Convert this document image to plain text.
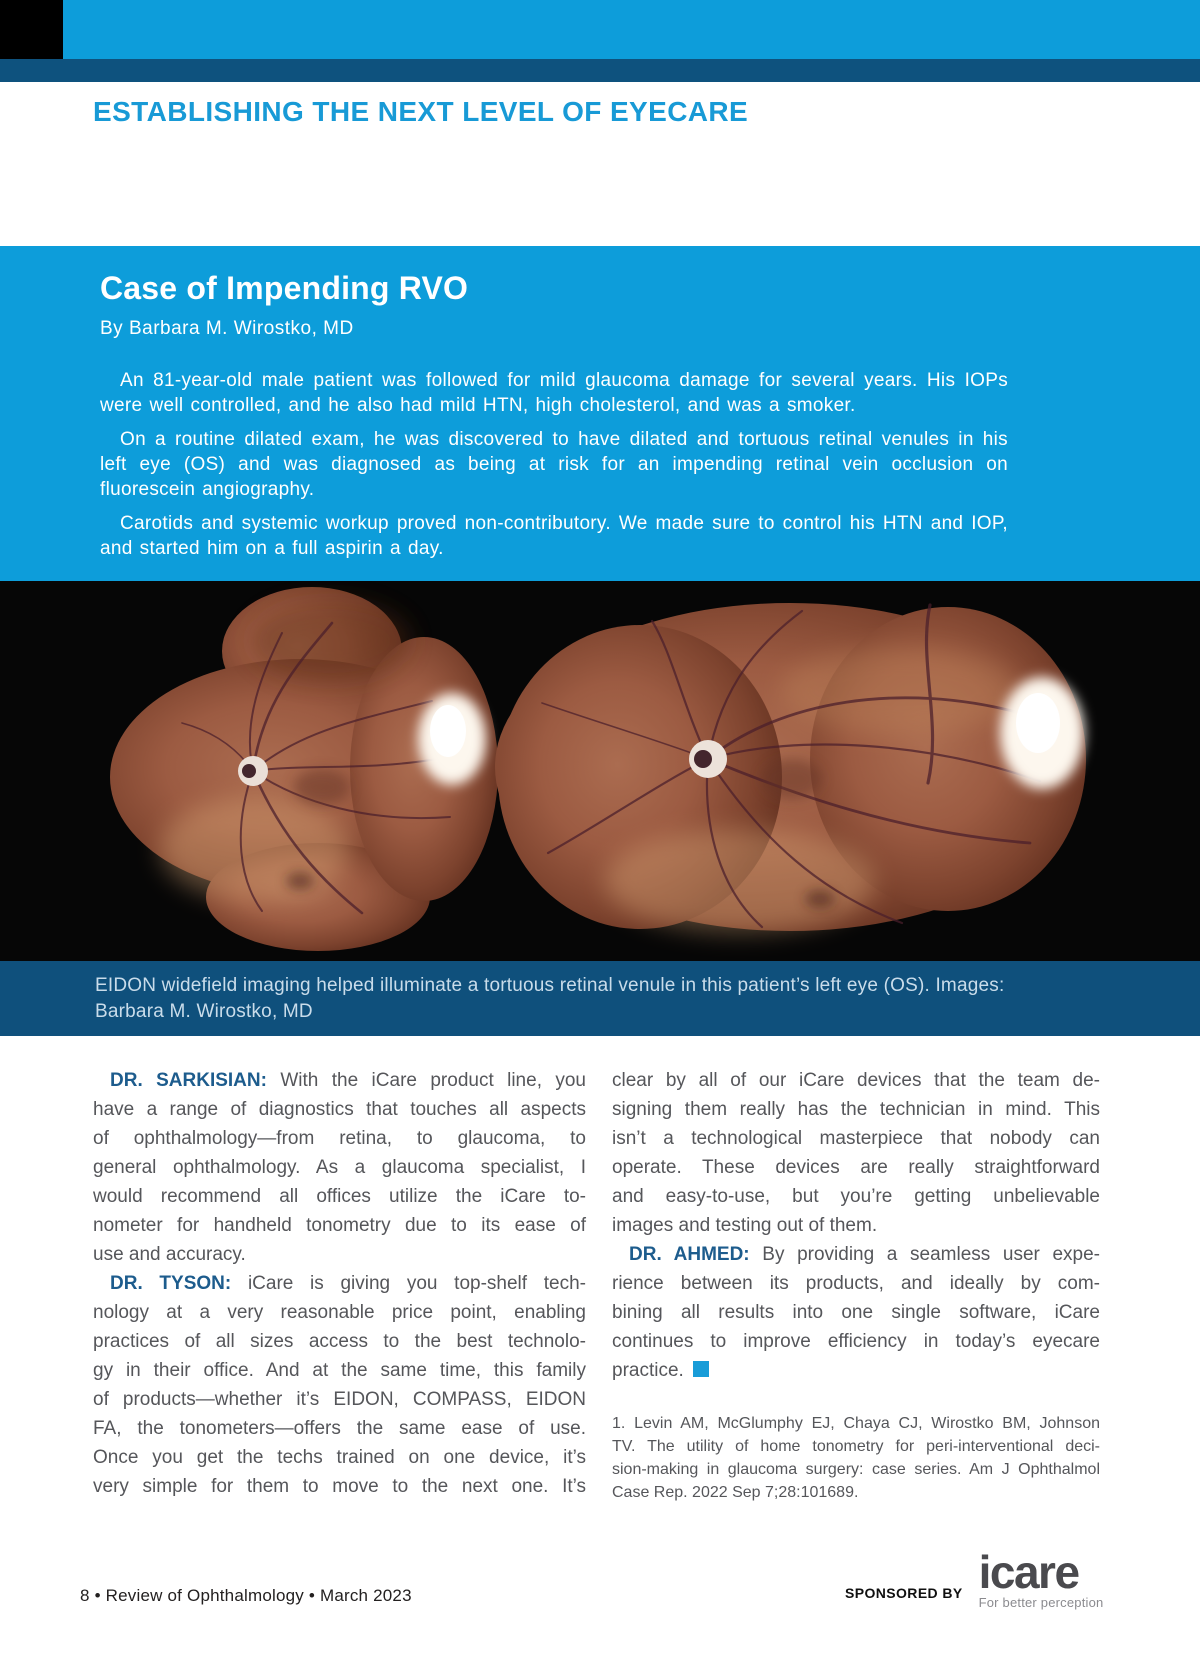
ESTABLISHING THE NEXT LEVEL OF EYECARE
Case of Impending RVO
By Barbara M. Wirostko, MD
An 81-year-old male patient was followed for mild glaucoma damage for several years. His IOPs were well controlled, and he also had mild HTN, high cholesterol, and was a smoker.
On a routine dilated exam, he was discovered to have dilated and tortuous retinal venules in his left eye (OS) and was diagnosed as being at risk for an impending retinal vein occlusion on fluorescein angiography.
Carotids and systemic workup proved non-contributory. We made sure to control his HTN and IOP, and started him on a full aspirin a day.
EIDON widefield imaging helped illuminate a tortuous retinal venule in this patient’s left eye (OS). Images:
Barbara M. Wirostko, MD
DR. SARKISIAN: With the iCare product line, you
have a range of diagnostics that touches all aspects
of ophthalmology—from retina, to glaucoma, to
general ophthalmology. As a glaucoma specialist, I
would recommend all offices utilize the iCare to-
nometer for handheld tonometry due to its ease of
use and accuracy.
DR. TYSON: iCare is giving you top-shelf tech-
nology at a very reasonable price point, enabling
practices of all sizes access to the best technolo-
gy in their office. And at the same time, this family
of products—whether it’s EIDON, COMPASS, EIDON
FA, the tonometers—offers the same ease of use.
Once you get the techs trained on one device, it’s
very simple for them to move to the next one. It’s
clear by all of our iCare devices that the team de-
signing them really has the technician in mind. This
isn’t a technological masterpiece that nobody can
operate. These devices are really straightforward
and easy-to-use, but you’re getting unbelievable
images and testing out of them.
DR. AHMED: By providing a seamless user expe-
rience between its products, and ideally by com-
bining all results into one single software, iCare
continues to improve efficiency in today’s eyecare
practice.
1. Levin AM, McGlumphy EJ, Chaya CJ, Wirostko BM, Johnson
TV. The utility of home tonometry for peri-interventional deci-
sion-making in glaucoma surgery: case series. Am J Ophthalmol
Case Rep. 2022 Sep 7;28:101689.
8 • Review of Ophthalmology • March 2023	SPONSORED BY icare
For better perception
